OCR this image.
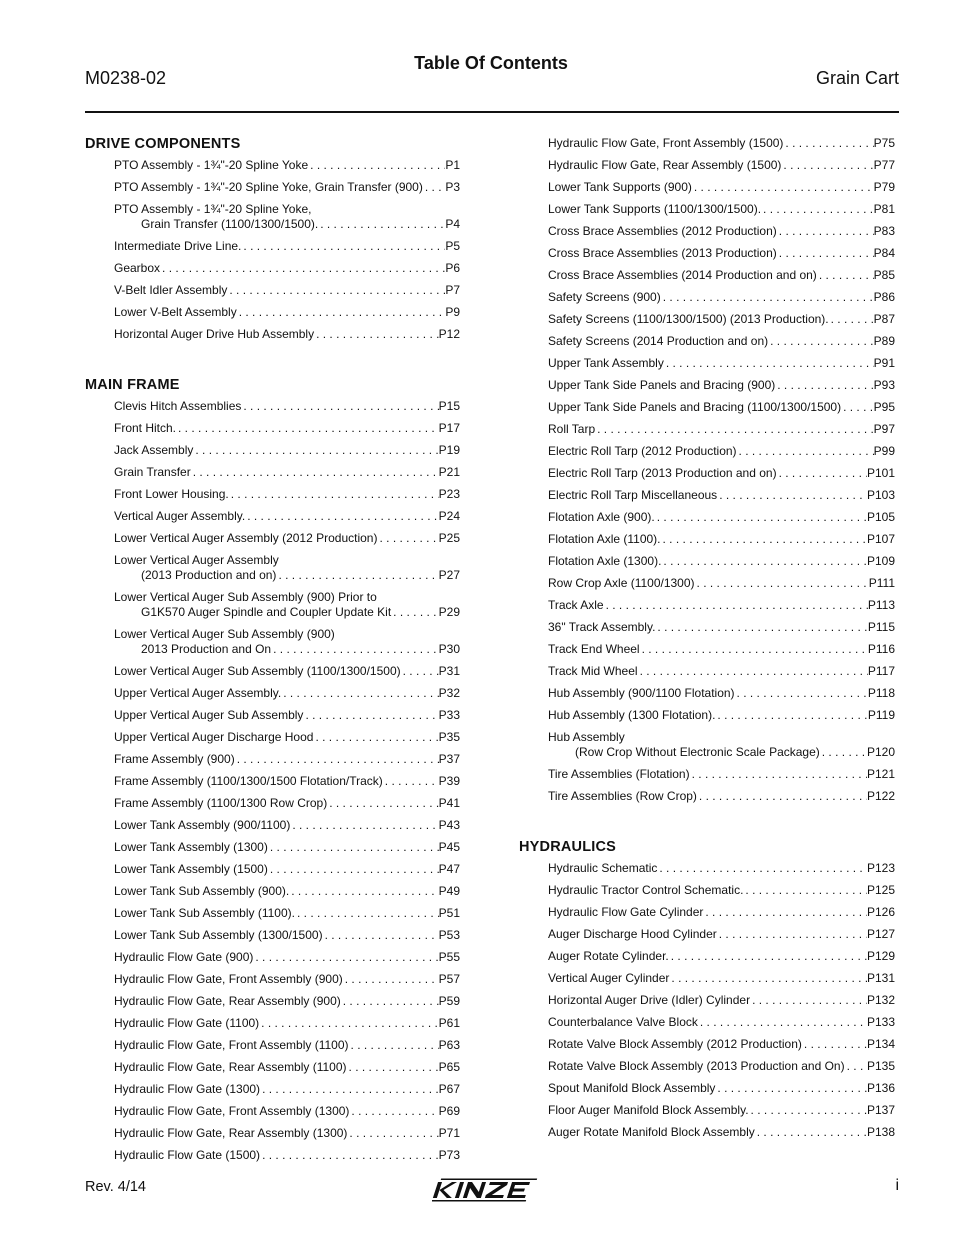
M0238-02
Table Of Contents
Grain Cart
DRIVE COMPONENTS
PTO Assembly - 1¾"-20 Spline Yoke . . .	P1
PTO Assembly - 1¾"-20 Spline Yoke, Grain Transfer (900) . . . P3
PTO Assembly - 1¾"-20 Spline Yoke,
Grain Transfer (1100/1300/1500). . . .	P4
Intermediate Drive Line. . . .	P5
Gearbox . . .	P6
V-Belt Idler Assembly . . .	P7
Lower V-Belt Assembly . . .	P9
Horizontal Auger Drive Hub Assembly . . .	P12
MAIN FRAME
Clevis Hitch Assemblies . . .	P15
Front Hitch. . . .	P17
Jack Assembly . . .	P19
Grain Transfer . . .	P21
Front Lower Housing. . . .	P23
Vertical Auger Assembly. . . .	P24
Lower Vertical Auger Assembly (2012 Production) . . .	P25
Lower Vertical Auger Assembly
(2013 Production and on) . . .	P27
Lower Vertical Auger Sub Assembly (900) Prior to
G1K570 Auger Spindle and Coupler Update Kit . . .	P29
Lower Vertical Auger Sub Assembly (900)
2013 Production and On . . .	P30
Lower Vertical Auger Sub Assembly (1100/1300/1500) . . .	P31
Upper Vertical Auger Assembly. . . .	P32
Upper Vertical Auger Sub Assembly . . .	P33
Upper Vertical Auger Discharge Hood . . .	P35
Frame Assembly (900) . . .	P37
Frame Assembly (1100/1300/1500 Flotation/Track) . . .	P39
Frame Assembly (1100/1300 Row Crop) . . .	P41
Lower Tank Assembly (900/1100) . . .	P43
Lower Tank Assembly (1300) . . .	P45
Lower Tank Assembly (1500) . . .	P47
Lower Tank Sub Assembly (900). . . .	P49
Lower Tank Sub Assembly (1100). . . .	P51
Lower Tank Sub Assembly (1300/1500) . . .	P53
Hydraulic Flow Gate (900) . . .	P55
Hydraulic Flow Gate, Front Assembly (900) . . .	P57
Hydraulic Flow Gate, Rear Assembly (900) . . .	P59
Hydraulic Flow Gate (1100) . . .	P61
Hydraulic Flow Gate, Front Assembly (1100) . . .	P63
Hydraulic Flow Gate, Rear Assembly (1100) . . .	P65
Hydraulic Flow Gate (1300) . . .	P67
Hydraulic Flow Gate, Front Assembly (1300) . . .	P69
Hydraulic Flow Gate, Rear Assembly (1300) . . .	P71
Hydraulic Flow Gate (1500) . . .	P73
Hydraulic Flow Gate, Front Assembly (1500) . . .	P75
Hydraulic Flow Gate, Rear Assembly (1500) . . .	P77
Lower Tank Supports (900) . . .	P79
Lower Tank Supports (1100/1300/1500). . . .	P81
Cross Brace Assemblies (2012 Production) . . .	P83
Cross Brace Assemblies (2013 Production) . . .	P84
Cross Brace Assemblies (2014 Production and on) . . .	P85
Safety Screens (900) . . .	P86
Safety Screens (1100/1300/1500) (2013 Production). . . .	P87
Safety Screens (2014 Production and on) . . .	P89
Upper Tank Assembly . . .	P91
Upper Tank Side Panels and Bracing (900) . . .	P93
Upper Tank Side Panels and Bracing (1100/1300/1500) . . .	P95
Roll Tarp . . .	P97
Electric Roll Tarp (2012 Production) . . .	P99
Electric Roll Tarp (2013 Production and on) . . .	P101
Electric Roll Tarp Miscellaneous . . .	P103
Flotation Axle (900). . . .	P105
Flotation Axle (1100). . . .	P107
Flotation Axle (1300). . . .	P109
Row Crop Axle (1100/1300) . . .	P111
Track Axle . . .	P113
36" Track Assembly. . . .	P115
Track End Wheel . . .	P116
Track Mid Wheel . . .	P117
Hub Assembly (900/1100 Flotation) . . .	P118
Hub Assembly (1300 Flotation). . . .	P119
Hub Assembly
(Row Crop Without Electronic Scale Package) . . .	P120
Tire Assemblies (Flotation) . . .	P121
Tire Assemblies (Row Crop) . . .	P122
HYDRAULICS
Hydraulic Schematic . . .	P123
Hydraulic Tractor Control Schematic. . . .	P125
Hydraulic Flow Gate Cylinder . . .	P126
Auger Discharge Hood Cylinder . . .	P127
Auger Rotate Cylinder. . . .	P129
Vertical Auger Cylinder . . .	P131
Horizontal Auger Drive (Idler) Cylinder . . .	P132
Counterbalance Valve Block . . .	P133
Rotate Valve Block Assembly (2012 Production) . . .	P134
Rotate Valve Block Assembly (2013 Production and On) . . . P135
Spout Manifold Block Assembly . . .	P136
Floor Auger Manifold Block Assembly. . . .	P137
Auger Rotate Manifold Block Assembly . . .	P138
Rev. 4/14	i
